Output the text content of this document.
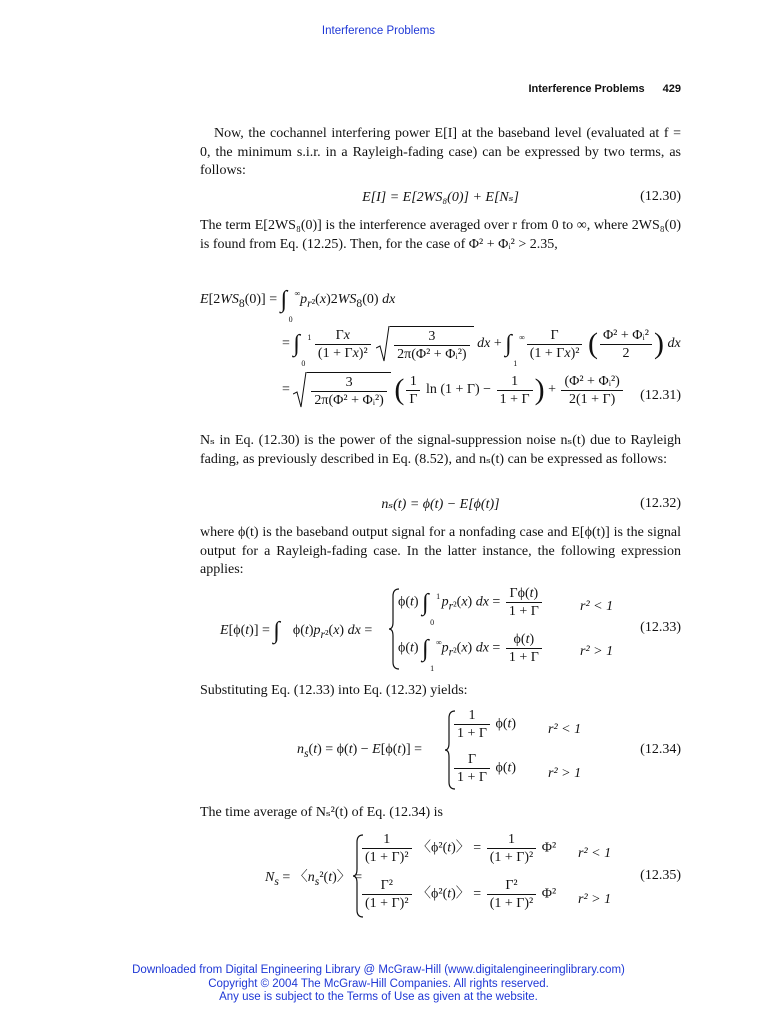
Interference Problems
Interference Problems 429

Now, the cochannel interfering power E[I] at the baseband level (evaluated at f = 0, the minimum s.i.r. in a Rayleigh-fading case) can be expressed by two terms, as follows:

E[I] = E[2WS₈(0)] + E[Nₛ]	(12.30)

The term E[2WS₈(0)] is the interference averaged over r from 0 to ∞, where 2WS₈(0) is found from Eq. (12.25). Then, for the case of Φ² + Φᵢ² > 2.35,

$E[2WS_8(0)]$ = ∫ ∞
0
$p_{r^2}(x)2WS_8(0)$ dx
= ∫ 1
0

$\frac{\Gamma x}{\text{(1 + Γx)²}}$
$\frac{3}{\text{2π(Φ² + Φᵢ²)}}$ dx + ∫ ∞
1

$\frac{\Gamma}{\text{(1 + Γx)²}}$ ( $\frac{\text{Φ² + Φᵢ²}}{2}$ ) dx
= $\frac{3}{\text{2π(Φ² + Φᵢ²)}}$ ( $\frac{1}{\Gamma}$ $\ln (1 + \Gamma) - \frac{1}{1 + \Gamma}$ ) + $\frac{\text{(Φ² + Φᵢ²)}}{2(1 + \Gamma)} (12.31)$

Nₛ in Eq. (12.30) is the power of the signal-suppression noise nₛ(t) due to Rayleigh fading, as previously described in Eq. (8.52), and nₛ(t) can be expressed as follows:

nₛ(t) = ϕ(t) − E[ϕ(t)]	(12.32)

where ϕ(t) is the baseband output signal for a nonfading case and E[ϕ(t)] is the signal output for a Rayleigh-fading case. In the latter instance, the following expression applies:

E[ϕ(t)] = ∫ $\phi(t)p_{r^2}(x)$ dx =
ϕ(t) ∫ 1
0
$p_{r^2}(x)$ dx = $\frac{\Gamma\phi(t)}{1 + \Gamma}$	r² < 1
ϕ(t) ∫ ∞
1
$p_{r^2}(x)$ dx = $\frac{\phi(t)}{1 + \Gamma}$	r² > 1
(12.33)

Substituting Eq. (12.33) into Eq. (12.32) yields:

$n_s(t) = \phi(t) - E[\phi(t)]$ =
$\frac{1}{1 + \Gamma} \phi(t) r^2 < 1$
$\frac{\Gamma}{1 + \Gamma} \phi(t) r^2 > 1$
(12.34)

The time average of Nₛ²(t) of Eq. (12.34) is

$N_s$ = 〈$n_s^2(t)$〉 =
$\frac{1}{\text{(1 + Γ)²}}$ 〈ϕ²(t)〉 = $\frac{1}{\text{(1 + Γ)²}} \Phi^2$ r² < 1
$\frac{\text{Γ²}}{\text{(1 + Γ)²}}$ 〈ϕ²(t)〉 = $\frac{\text{Γ²}}{\text{(1 + Γ)²}} \Phi^2$ r² > 1
(12.35)
Downloaded from Digital Engineering Library @ McGraw-Hill (www.digitalengineeringlibrary.com)
Copyright © 2004 The McGraw-Hill Companies. All rights reserved.
Any use is subject to the Terms of Use as given at the website.
